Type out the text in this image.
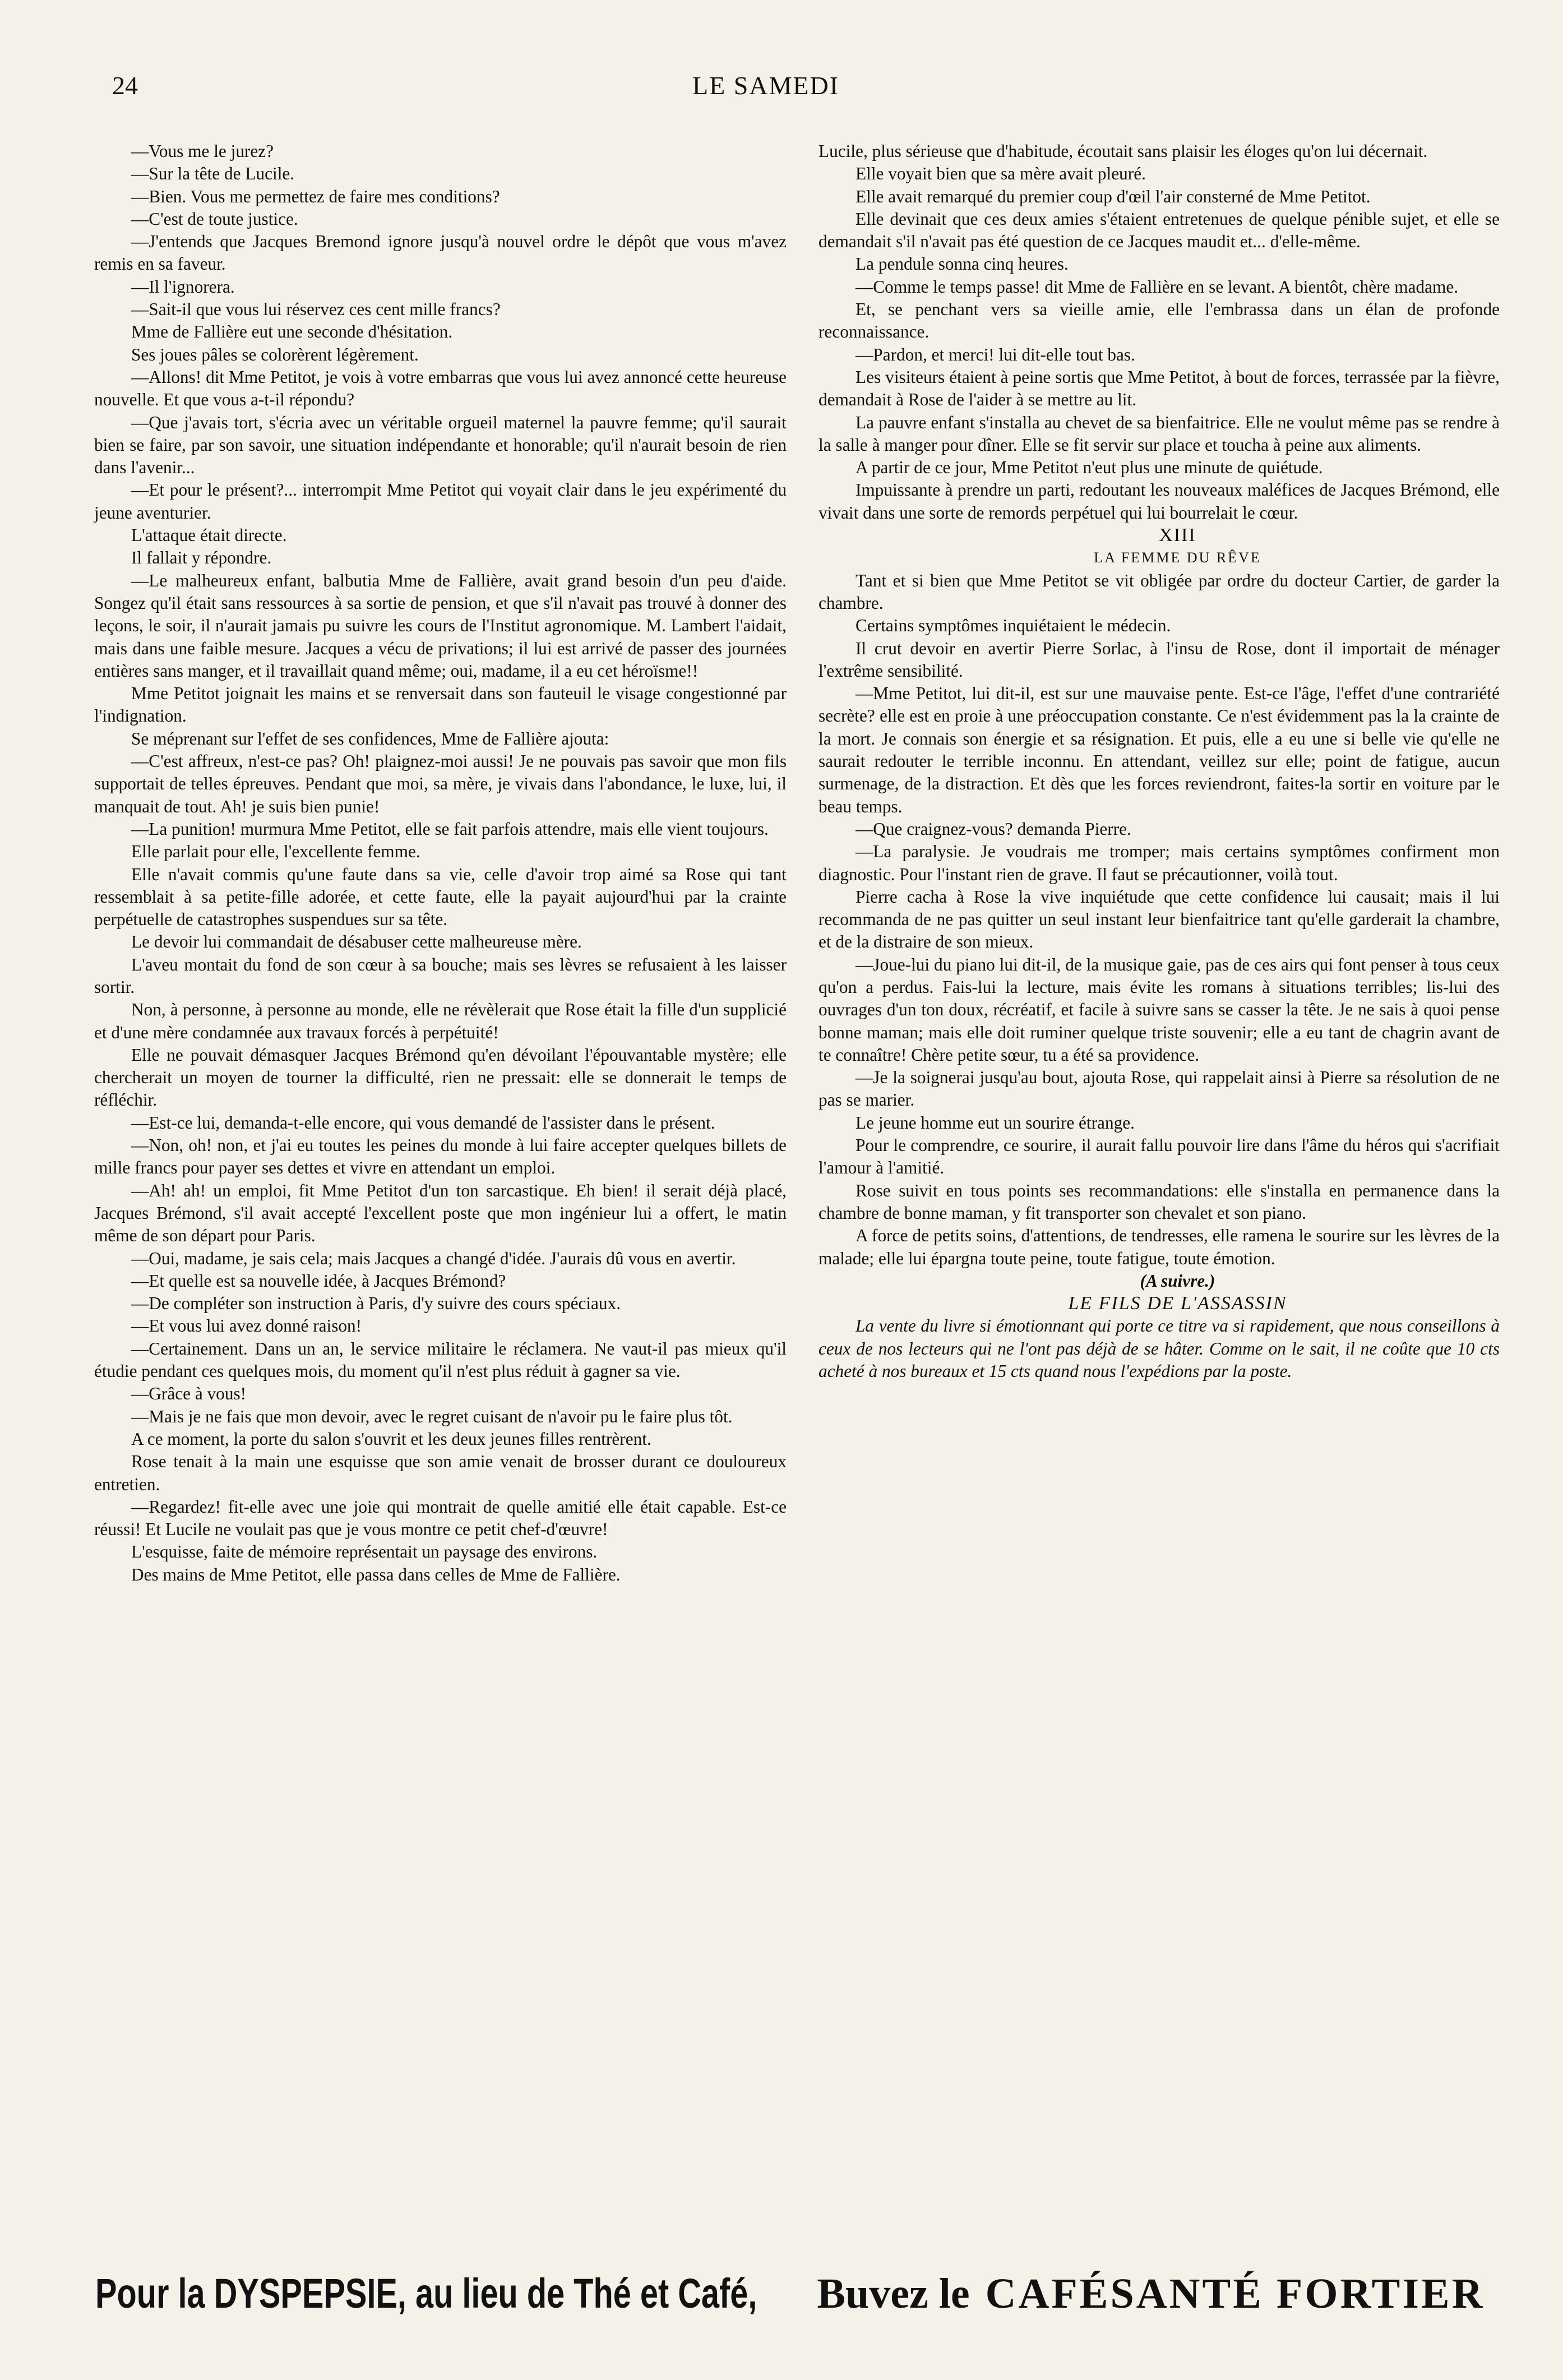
24	LE SAMEDI

—Vous me le jurez?

—Sur la tête de Lucile.

—Bien. Vous me permettez de faire mes conditions?

—C'est de toute justice.

—J'entends que Jacques Bremond ignore jusqu'à nouvel ordre le dépôt que vous m'avez remis en sa faveur.

—Il l'ignorera.

—Sait-il que vous lui réservez ces cent mille francs?

Mme de Fallière eut une seconde d'hésitation.

Ses joues pâles se colorèrent légèrement.

—Allons! dit Mme Petitot, je vois à votre embarras que vous lui avez annoncé cette heureuse nouvelle. Et que vous a-t-il répondu?

—Que j'avais tort, s'écria avec un véritable orgueil maternel la pauvre femme; qu'il saurait bien se faire, par son savoir, une situation indépendante et honorable; qu'il n'aurait besoin de rien dans l'avenir...

—Et pour le présent?... interrompit Mme Petitot qui voyait clair dans le jeu expérimenté du jeune aventurier.

L'attaque était directe.

Il fallait y répondre.

—Le malheureux enfant, balbutia Mme de Fallière, avait grand besoin d'un peu d'aide. Songez qu'il était sans ressources à sa sortie de pension, et que s'il n'avait pas trouvé à donner des leçons, le soir, il n'aurait jamais pu suivre les cours de l'Institut agronomique. M. Lambert l'aidait, mais dans une faible mesure. Jacques a vécu de privations; il lui est arrivé de passer des journées entières sans manger, et il travaillait quand même; oui, madame, il a eu cet héroïsme!!

Mme Petitot joignait les mains et se renversait dans son fauteuil le visage congestionné par l'indignation.

Se méprenant sur l'effet de ses confidences, Mme de Fallière ajouta:

—C'est affreux, n'est-ce pas? Oh! plaignez-moi aussi! Je ne pouvais pas savoir que mon fils supportait de telles épreuves. Pendant que moi, sa mère, je vivais dans l'abondance, le luxe, lui, il manquait de tout. Ah! je suis bien punie!

—La punition! murmura Mme Petitot, elle se fait parfois attendre, mais elle vient toujours.

Elle parlait pour elle, l'excellente femme.

Elle n'avait commis qu'une faute dans sa vie, celle d'avoir trop aimé sa Rose qui tant ressemblait à sa petite-fille adorée, et cette faute, elle la payait aujourd'hui par la crainte perpétuelle de catastrophes suspendues sur sa tête.

Le devoir lui commandait de désabuser cette malheureuse mère.

L'aveu montait du fond de son cœur à sa bouche; mais ses lèvres se refusaient à les laisser sortir.

Non, à personne, à personne au monde, elle ne révèlerait que Rose était la fille d'un supplicié et d'une mère condamnée aux travaux forcés à perpétuité!

Elle ne pouvait démasquer Jacques Brémond qu'en dévoilant l'épouvantable mystère; elle chercherait un moyen de tourner la difficulté, rien ne pressait: elle se donnerait le temps de réfléchir.

—Est-ce lui, demanda-t-elle encore, qui vous demandé de l'assister dans le présent.

—Non, oh! non, et j'ai eu toutes les peines du monde à lui faire accepter quelques billets de mille francs pour payer ses dettes et vivre en attendant un emploi.

—Ah! ah! un emploi, fit Mme Petitot d'un ton sarcastique. Eh bien! il serait déjà placé, Jacques Brémond, s'il avait accepté l'excellent poste que mon ingénieur lui a offert, le matin même de son départ pour Paris.

—Oui, madame, je sais cela; mais Jacques a changé d'idée. J'aurais dû vous en avertir.

—Et quelle est sa nouvelle idée, à Jacques Brémond?

—De compléter son instruction à Paris, d'y suivre des cours spéciaux.

—Et vous lui avez donné raison!

—Certainement. Dans un an, le service militaire le réclamera. Ne vaut-il pas mieux qu'il étudie pendant ces quelques mois, du moment qu'il n'est plus réduit à gagner sa vie.

—Grâce à vous!

—Mais je ne fais que mon devoir, avec le regret cuisant de n'avoir pu le faire plus tôt.

A ce moment, la porte du salon s'ouvrit et les deux jeunes filles rentrèrent.

Rose tenait à la main une esquisse que son amie venait de brosser durant ce douloureux entretien.

—Regardez! fit-elle avec une joie qui montrait de quelle amitié elle était capable. Est-ce réussi! Et Lucile ne voulait pas que je vous montre ce petit chef-d'œuvre!

L'esquisse, faite de mémoire représentait un paysage des environs.

Des mains de Mme Petitot, elle passa dans celles de Mme de Fallière.

Lucile, plus sérieuse que d'habitude, écoutait sans plaisir les éloges qu'on lui décernait.

Elle voyait bien que sa mère avait pleuré.

Elle avait remarqué du premier coup d'œil l'air consterné de Mme Petitot.

Elle devinait que ces deux amies s'étaient entretenues de quelque pénible sujet, et elle se demandait s'il n'avait pas été question de ce Jacques maudit et... d'elle-même.

La pendule sonna cinq heures.

—Comme le temps passe! dit Mme de Fallière en se levant. A bientôt, chère madame.

Et, se penchant vers sa vieille amie, elle l'embrassa dans un élan de profonde reconnaissance.

—Pardon, et merci! lui dit-elle tout bas.

Les visiteurs étaient à peine sortis que Mme Petitot, à bout de forces, terrassée par la fièvre, demandait à Rose de l'aider à se mettre au lit.

La pauvre enfant s'installa au chevet de sa bienfaitrice. Elle ne voulut même pas se rendre à la salle à manger pour dîner. Elle se fit servir sur place et toucha à peine aux aliments.

A partir de ce jour, Mme Petitot n'eut plus une minute de quiétude.

Impuissante à prendre un parti, redoutant les nouveaux maléfices de Jacques Brémond, elle vivait dans une sorte de remords perpétuel qui lui bourrelait le cœur.

XIII

LA FEMME DU RÊVE

Tant et si bien que Mme Petitot se vit obligée par ordre du docteur Cartier, de garder la chambre.

Certains symptômes inquiétaient le médecin.

Il crut devoir en avertir Pierre Sorlac, à l'insu de Rose, dont il importait de ménager l'extrême sensibilité.

—Mme Petitot, lui dit-il, est sur une mauvaise pente. Est-ce l'âge, l'effet d'une contrariété secrète? elle est en proie à une préoccupation constante. Ce n'est évidemment pas la la crainte de la mort. Je connais son énergie et sa résignation. Et puis, elle a eu une si belle vie qu'elle ne saurait redouter le terrible inconnu. En attendant, veillez sur elle; point de fatigue, aucun surmenage, de la distraction. Et dès que les forces reviendront, faites-la sortir en voiture par le beau temps.

—Que craignez-vous? demanda Pierre.

—La paralysie. Je voudrais me tromper; mais certains symptômes confirment mon diagnostic. Pour l'instant rien de grave. Il faut se précautionner, voilà tout.

Pierre cacha à Rose la vive inquiétude que cette confidence lui causait; mais il lui recommanda de ne pas quitter un seul instant leur bienfaitrice tant qu'elle garderait la chambre, et de la distraire de son mieux.

—Joue-lui du piano lui dit-il, de la musique gaie, pas de ces airs qui font penser à tous ceux qu'on a perdus. Fais-lui la lecture, mais évite les romans à situations terribles; lis-lui des ouvrages d'un ton doux, récréatif, et facile à suivre sans se casser la tête. Je ne sais à quoi pense bonne maman; mais elle doit ruminer quelque triste souvenir; elle a eu tant de chagrin avant de te connaître! Chère petite sœur, tu a été sa providence.

—Je la soignerai jusqu'au bout, ajouta Rose, qui rappelait ainsi à Pierre sa résolution de ne pas se marier.

Le jeune homme eut un sourire étrange.

Pour le comprendre, ce sourire, il aurait fallu pouvoir lire dans l'âme du héros qui s'acrifiait l'amour à l'amitié.

Rose suivit en tous points ses recommandations: elle s'installa en permanence dans la chambre de bonne maman, y fit transporter son chevalet et son piano.

A force de petits soins, d'attentions, de tendresses, elle ramena le sourire sur les lèvres de la malade; elle lui épargna toute peine, toute fatigue, toute émotion.

(A suivre.)

LE FILS DE L'ASSASSIN

La vente du livre si émotionnant qui porte ce titre va si rapidement, que nous conseillons à ceux de nos lecteurs qui ne l'ont pas déjà de se hâter. Comme on le sait, il ne coûte que 10 cts acheté à nos bureaux et 15 cts quand nous l'expédions par la poste.

Pour la DYSPEPSIE, au lieu de Thé et Café, Buvez le CAFÉSANTÉ FORTIER
